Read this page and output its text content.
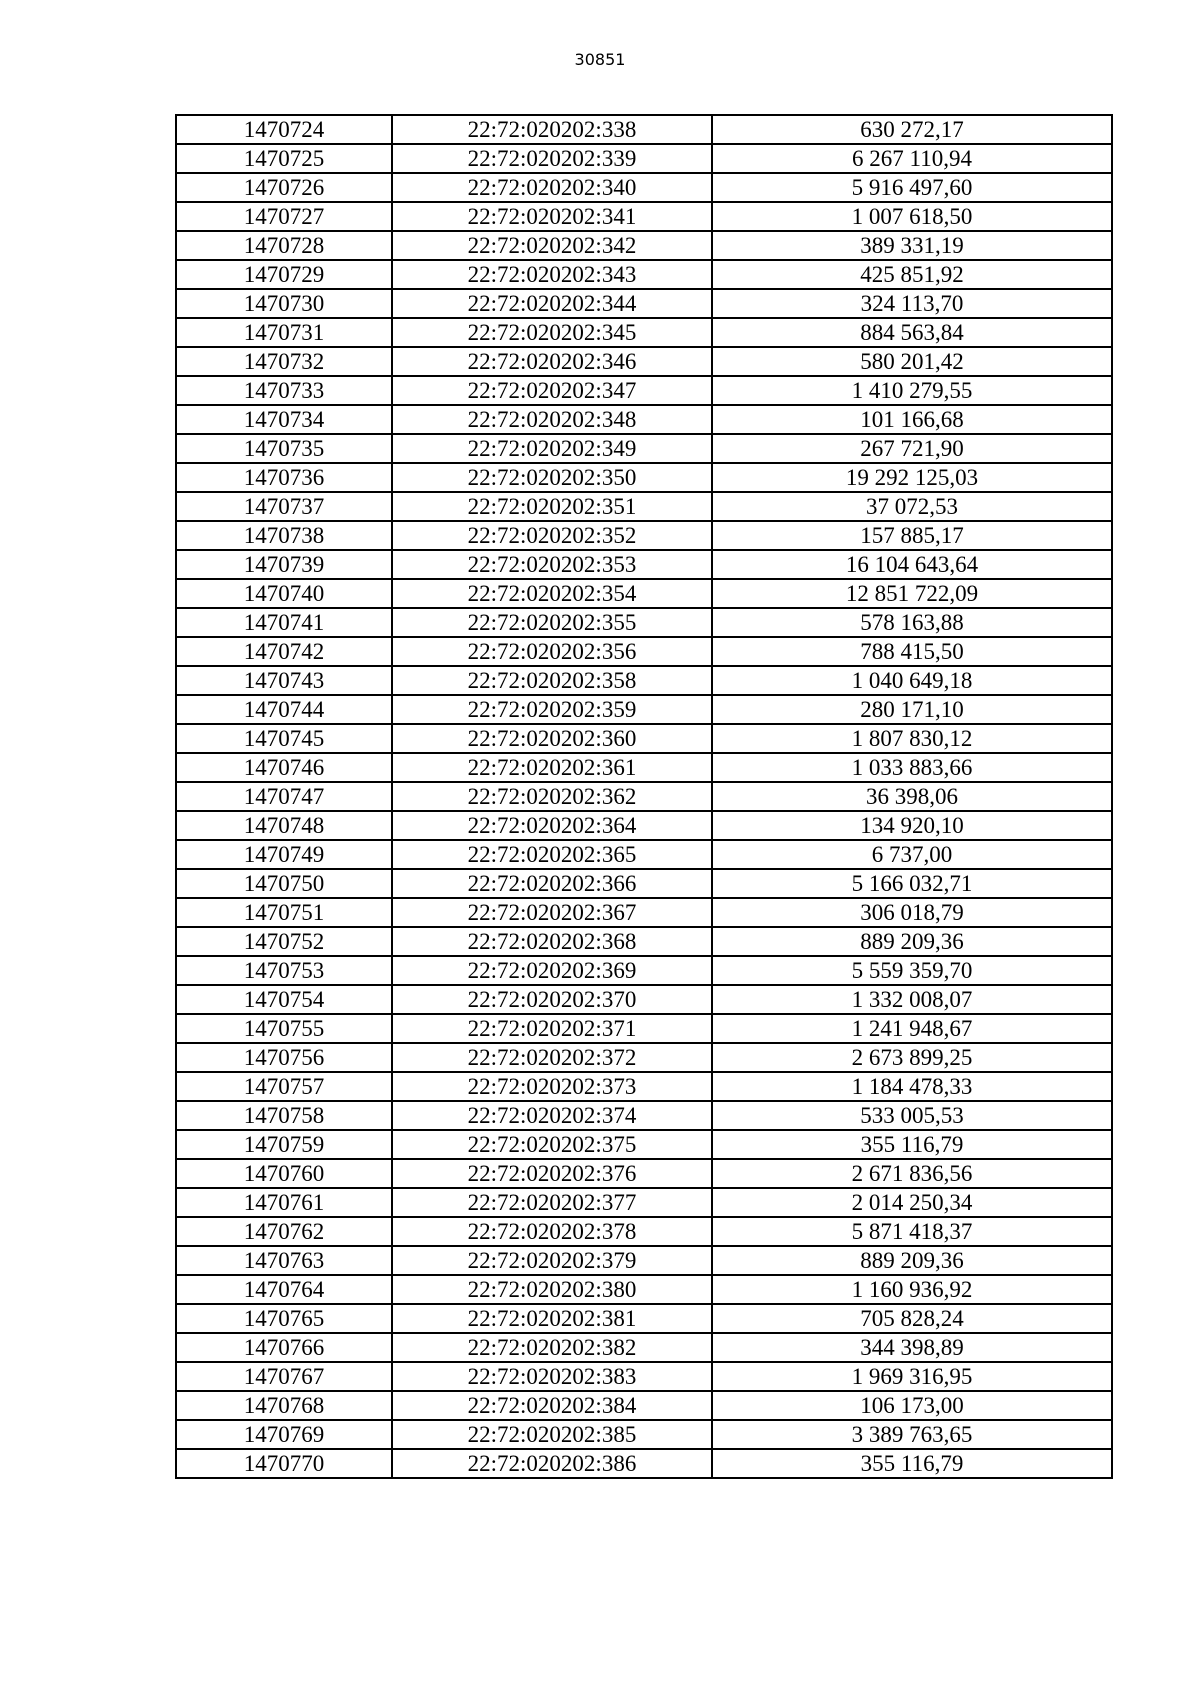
30851
1470724	22:72:020202:338	630 272,17
1470725	22:72:020202:339	6 267 110,94
1470726	22:72:020202:340	5 916 497,60
1470727	22:72:020202:341	1 007 618,50
1470728	22:72:020202:342	389 331,19
1470729	22:72:020202:343	425 851,92
1470730	22:72:020202:344	324 113,70
1470731	22:72:020202:345	884 563,84
1470732	22:72:020202:346	580 201,42
1470733	22:72:020202:347	1 410 279,55
1470734	22:72:020202:348	101 166,68
1470735	22:72:020202:349	267 721,90
1470736	22:72:020202:350	19 292 125,03
1470737	22:72:020202:351	37 072,53
1470738	22:72:020202:352	157 885,17
1470739	22:72:020202:353	16 104 643,64
1470740	22:72:020202:354	12 851 722,09
1470741	22:72:020202:355	578 163,88
1470742	22:72:020202:356	788 415,50
1470743	22:72:020202:358	1 040 649,18
1470744	22:72:020202:359	280 171,10
1470745	22:72:020202:360	1 807 830,12
1470746	22:72:020202:361	1 033 883,66
1470747	22:72:020202:362	36 398,06
1470748	22:72:020202:364	134 920,10
1470749	22:72:020202:365	6 737,00
1470750	22:72:020202:366	5 166 032,71
1470751	22:72:020202:367	306 018,79
1470752	22:72:020202:368	889 209,36
1470753	22:72:020202:369	5 559 359,70
1470754	22:72:020202:370	1 332 008,07
1470755	22:72:020202:371	1 241 948,67
1470756	22:72:020202:372	2 673 899,25
1470757	22:72:020202:373	1 184 478,33
1470758	22:72:020202:374	533 005,53
1470759	22:72:020202:375	355 116,79
1470760	22:72:020202:376	2 671 836,56
1470761	22:72:020202:377	2 014 250,34
1470762	22:72:020202:378	5 871 418,37
1470763	22:72:020202:379	889 209,36
1470764	22:72:020202:380	1 160 936,92
1470765	22:72:020202:381	705 828,24
1470766	22:72:020202:382	344 398,89
1470767	22:72:020202:383	1 969 316,95
1470768	22:72:020202:384	106 173,00
1470769	22:72:020202:385	3 389 763,65
1470770	22:72:020202:386	355 116,79
